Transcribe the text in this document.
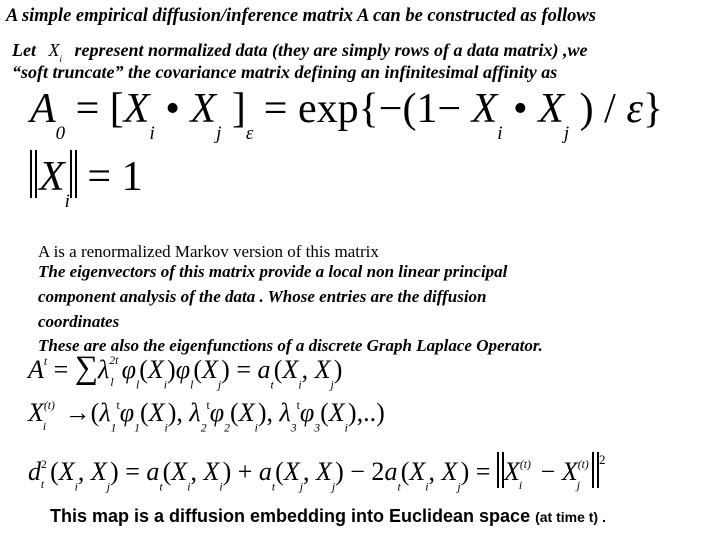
A simple empirical diffusion/inference matrix A can be constructed as follows
Let $X_i$ represent normalized data (they are simply rows of a data matrix) ,we
“soft truncate” the covariance matrix defining an infinitesimal affinity as
$A_0 = [X_i$ • $X_j$ ]$_\varepsilon = \exp\{-(1- X_i$ • $X_j$ ) / ε}
$X_i = 1$
A is a renormalized Markov version of this matrix
The eigenvectors of this matrix provide a local non linear principal
component analysis of the data . Whose entries are the diffusion
coordinates
These are also the eigenfunctions of a discrete Graph Laplace Operator.
$A^t = \sum\lambda^{2t}_l$ $\varphi_l(X_i)\varphi_l(X_j) = a_t(X_i$, $X_j$)
$X^{(t)}_i \to(\lambda_1^t\varphi_1(X_i)$, $\lambda_2^t\varphi_2(X_i)$, $\lambda_3^t\varphi_3(X_i)$,..)
$d^2_t$ ($X_i$, $X_j) = a_t(X_i$, $X_i) + a_t(X_j$, $X_j) - 2a_t(X_i$, $X_j) = X^{(t)}_i - X^{(t)}_j^2$
This map is a diffusion embedding into Euclidean space (at time t) .
